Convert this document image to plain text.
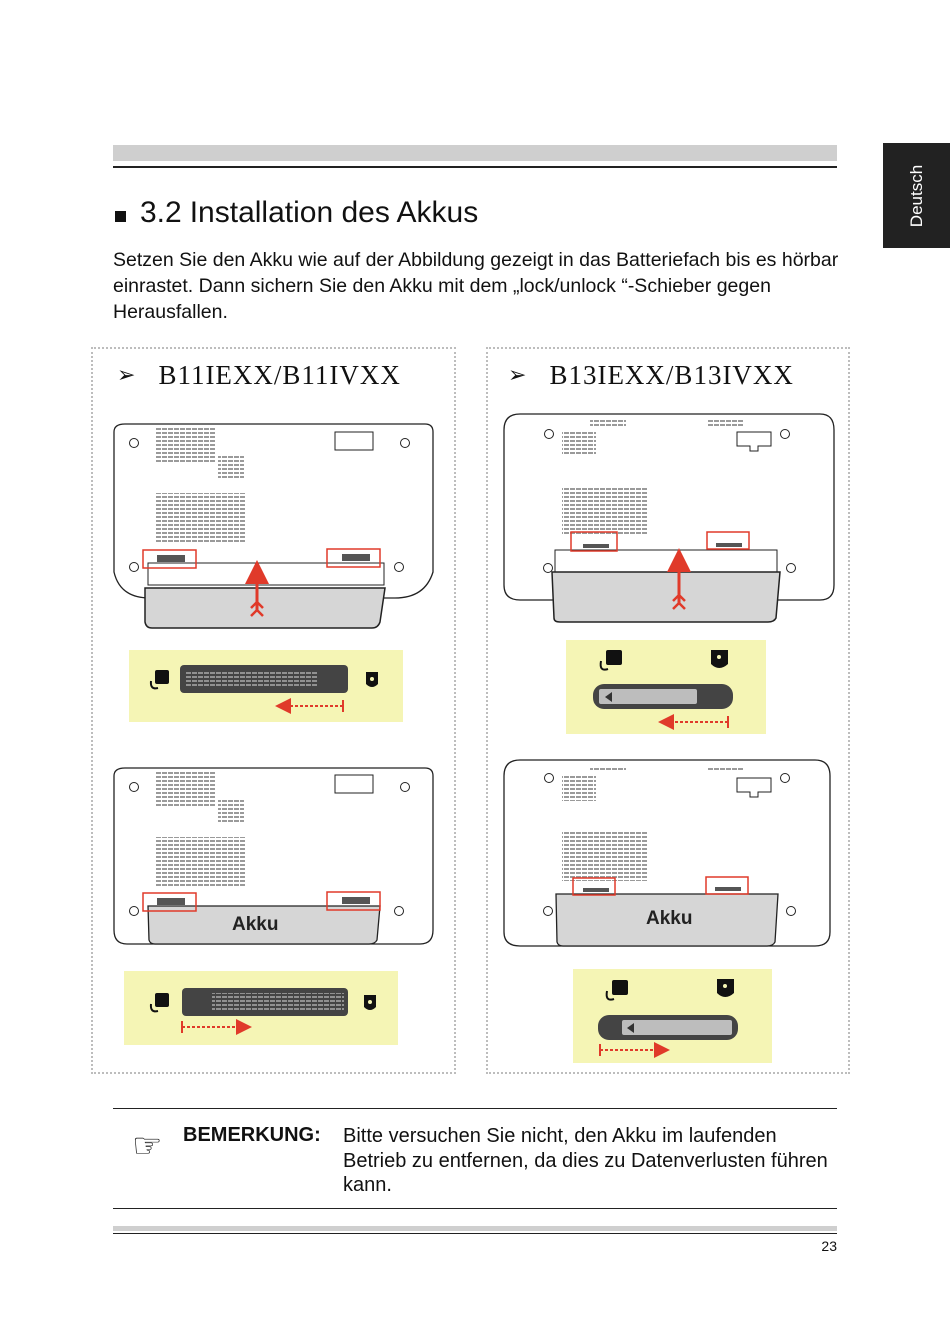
Deutsch
3.2 Installation des Akkus
Setzen Sie den Akku wie auf der Abbildung gezeigt in das Batteriefach bis es hörbar einrastet. Dann sichern Sie den Akku mit dem „lock/unlock “-Schieber gegen Herausfallen.
➢ B11IEXX/B11IVXX	➢ B13IEXX/B13IVXX
Akku	Akku
☞ BEMERKUNG: Bitte versuchen Sie nicht, den Akku im laufenden Betrieb zu entfernen, da dies zu Datenverlusten führen kann.
23
